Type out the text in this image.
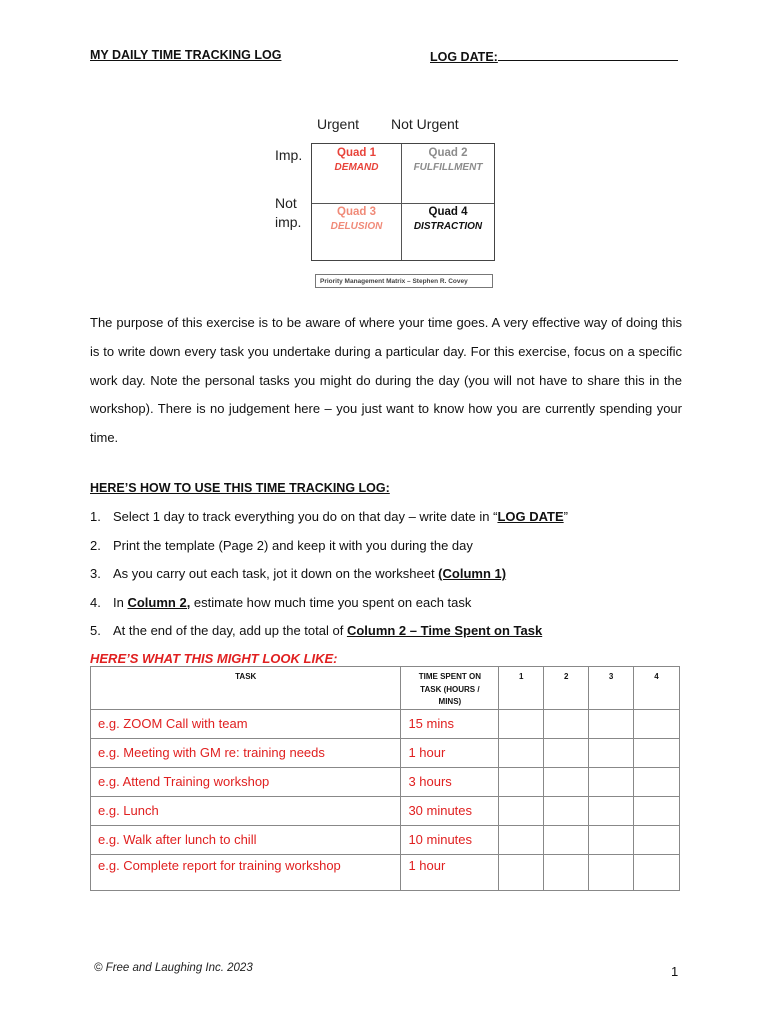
MY DAILY TIME TRACKING LOG	LOG DATE:
Urgent Not Urgent
Imp.
Not
imp.
Quad 1
DEMAND
Quad 2
FULFILLMENT
Quad 3
DELUSION
Quad 4
DISTRACTION
Priority Management Matrix – Stephen R. Covey
The purpose of this exercise is to be aware of where your time goes. A very effective way of doing this is to write down every task you undertake during a particular day. For this exercise, focus on a specific work day. Note the personal tasks you might do during the day (you will not have to share this in the workshop). There is no judgement here – you just want to know how you are currently spending your time.
HERE’S HOW TO USE THIS TIME TRACKING LOG:
1. Select 1 day to track everything you do on that day – write date in “LOG DATE”
2. Print the template (Page 2) and keep it with you during the day
3. As you carry out each task, jot it down on the worksheet (Column 1)
4. In Column 2, estimate how much time you spent on each task
5. At the end of the day, add up the total of Column 2 – Time Spent on Task
HERE’S WHAT THIS MIGHT LOOK LIKE:
TASK	TIME SPENT ON TASK (HOURS / MINS)	1	2	3	4
e.g. ZOOM Call with team	15 mins				
e.g. Meeting with GM re: training needs	1 hour				
e.g. Attend Training workshop	3 hours				
e.g. Lunch	30 minutes				
e.g. Walk after lunch to chill	10 minutes				
e.g. Complete report for training workshop	1 hour				
© Free and Laughing Inc. 2023	1
